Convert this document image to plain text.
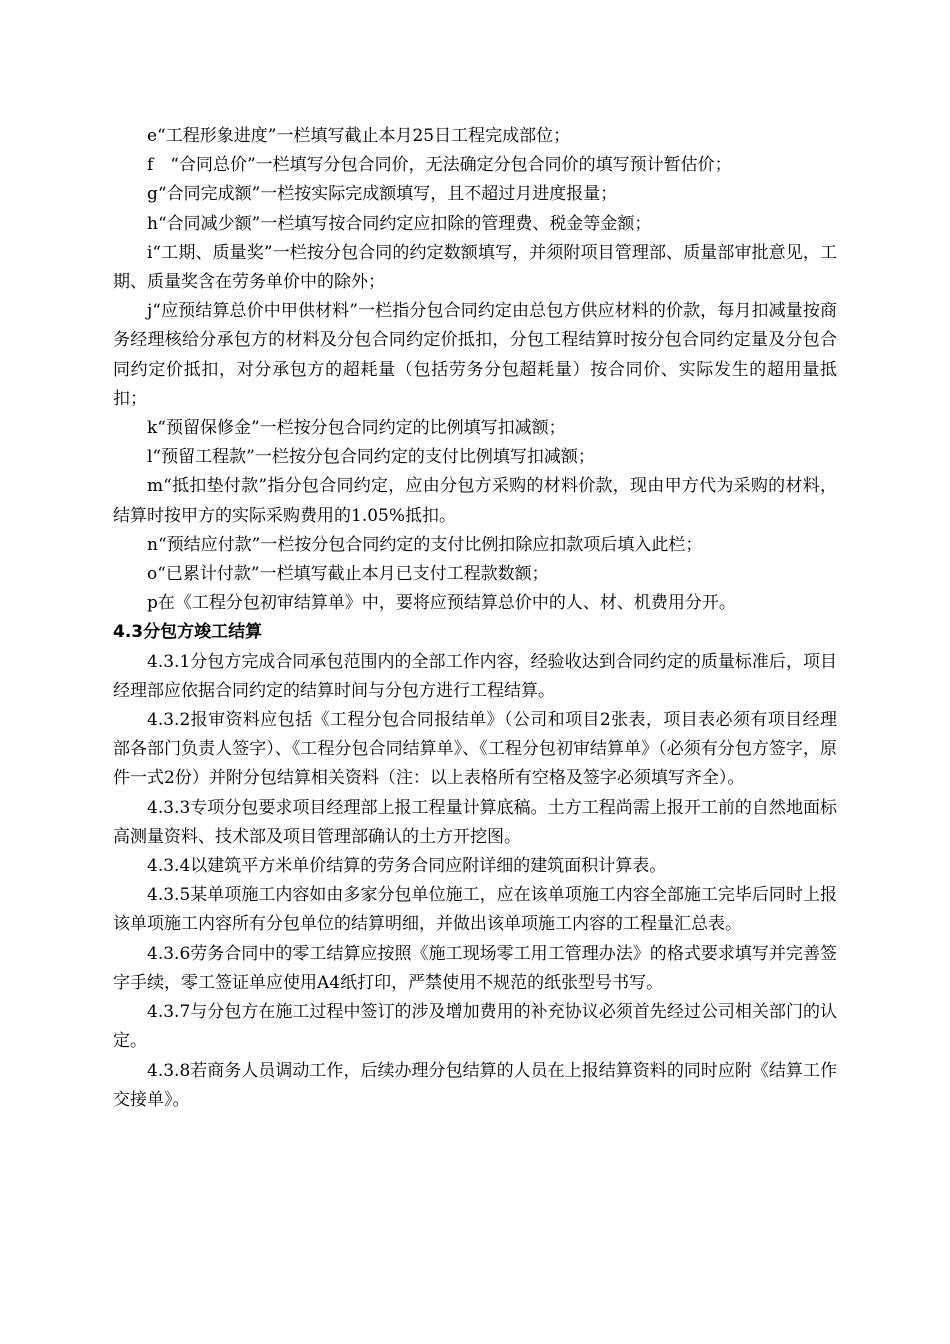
e“工程形象进度”一栏填写截止本月25日工程完成部位；

f　“合同总价”一栏填写分包合同价，无法确定分包合同价的填写预计暂估价；

g“合同完成额”一栏按实际完成额填写，且不超过月进度报量；

h“合同减少额”一栏填写按合同约定应扣除的管理费、税金等金额；

i“工期、质量奖”一栏按分包合同的约定数额填写，并须附项目管理部、质量部审批意见，工期、质量奖含在劳务单价中的除外；

j“应预结算总价中甲供材料”一栏指分包合同约定由总包方供应材料的价款，每月扣减量按商务经理核给分承包方的材料及分包合同约定价抵扣，分包工程结算时按分包合同约定量及分包合同约定价抵扣，对分承包方的超耗量（包括劳务分包超耗量）按合同价、实际发生的超用量抵扣；

k“预留保修金”一栏按分包合同约定的比例填写扣减额；

l“预留工程款”一栏按分包合同约定的支付比例填写扣减额；

m“抵扣垫付款”指分包合同约定，应由分包方采购的材料价款，现由甲方代为采购的材料，结算时按甲方的实际采购费用的1.05%抵扣。

n“预结应付款”一栏按分包合同约定的支付比例扣除应扣款项后填入此栏；

o“已累计付款”一栏填写截止本月已支付工程款数额；

p在《工程分包初审结算单》中，要将应预结算总价中的人、材、机费用分开。

4.3分包方竣工结算

4.3.1分包方完成合同承包范围内的全部工作内容，经验收达到合同约定的质量标准后，项目经理部应依据合同约定的结算时间与分包方进行工程结算。

4.3.2报审资料应包括《工程分包合同报结单》（公司和项目2张表，项目表必须有项目经理部各部门负责人签字）、《工程分包合同结算单》、《工程分包初审结算单》（必须有分包方签字，原件一式2份）并附分包结算相关资料（注：以上表格所有空格及签字必须填写齐全）。

4.3.3专项分包要求项目经理部上报工程量计算底稿。土方工程尚需上报开工前的自然地面标高测量资料、技术部及项目管理部确认的土方开挖图。

4.3.4以建筑平方米单价结算的劳务合同应附详细的建筑面积计算表。

4.3.5某单项施工内容如由多家分包单位施工，应在该单项施工内容全部施工完毕后同时上报该单项施工内容所有分包单位的结算明细，并做出该单项施工内容的工程量汇总表。

4.3.6劳务合同中的零工结算应按照《施工现场零工用工管理办法》的格式要求填写并完善签字手续，零工签证单应使用A4纸打印，严禁使用不规范的纸张型号书写。

4.3.7与分包方在施工过程中签订的涉及增加费用的补充协议必须首先经过公司相关部门的认定。

4.3.8若商务人员调动工作，后续办理分包结算的人员在上报结算资料的同时应附《结算工作交接单》。
